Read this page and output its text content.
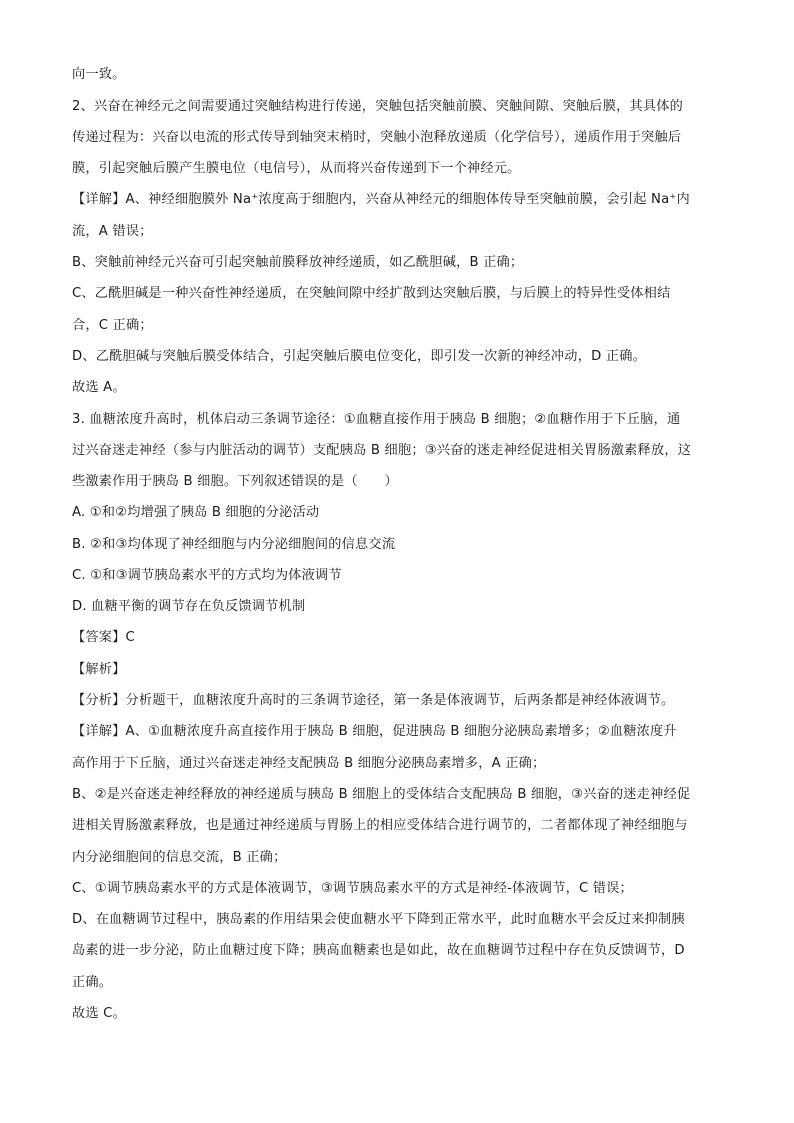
向一致。
2、兴奋在神经元之间需要通过突触结构进行传递，突触包括突触前膜、突触间隙、突触后膜，其具体的
传递过程为：兴奋以电流的形式传导到轴突末梢时，突触小泡释放递质（化学信号），递质作用于突触后
膜，引起突触后膜产生膜电位（电信号），从而将兴奋传递到下一个神经元。
【详解】A、神经细胞膜外 Na⁺浓度高于细胞内，兴奋从神经元的细胞体传导至突触前膜，会引起 Na⁺内
流，A 错误；
B、突触前神经元兴奋可引起突触前膜释放神经递质，如乙酰胆碱，B 正确；
C、乙酰胆碱是一种兴奋性神经递质，在突触间隙中经扩散到达突触后膜，与后膜上的特异性受体相结
合，C 正确；
D、乙酰胆碱与突触后膜受体结合，引起突触后膜电位变化，即引发一次新的神经冲动，D 正确。
故选 A。
3. 血糖浓度升高时，机体启动三条调节途径：①血糖直接作用于胰岛 B 细胞；②血糖作用于下丘脑，通
过兴奋迷走神经（参与内脏活动的调节）支配胰岛 B 细胞；③兴奋的迷走神经促进相关胃肠激素释放，这
些激素作用于胰岛 B 细胞。下列叙述错误的是（　　）
A. ①和②均增强了胰岛 B 细胞的分泌活动
B. ②和③均体现了神经细胞与内分泌细胞间的信息交流
C. ①和③调节胰岛素水平的方式均为体液调节
D. 血糖平衡的调节存在负反馈调节机制
【答案】C
【解析】
【分析】分析题干，血糖浓度升高时的三条调节途径，第一条是体液调节，后两条都是神经体液调节。
【详解】A、①血糖浓度升高直接作用于胰岛 B 细胞，促进胰岛 B 细胞分泌胰岛素增多；②血糖浓度升
高作用于下丘脑，通过兴奋迷走神经支配胰岛 B 细胞分泌胰岛素增多，A 正确；
B、②是兴奋迷走神经释放的神经递质与胰岛 B 细胞上的受体结合支配胰岛 B 细胞，③兴奋的迷走神经促
进相关胃肠激素释放，也是通过神经递质与胃肠上的相应受体结合进行调节的，二者都体现了神经细胞与
内分泌细胞间的信息交流，B 正确；
C、①调节胰岛素水平的方式是体液调节，③调节胰岛素水平的方式是神经-体液调节，C 错误；
D、在血糖调节过程中，胰岛素的作用结果会使血糖水平下降到正常水平，此时血糖水平会反过来抑制胰
岛素的进一步分泌，防止血糖过度下降；胰高血糖素也是如此，故在血糖调节过程中存在负反馈调节，D
正确。
故选 C。
